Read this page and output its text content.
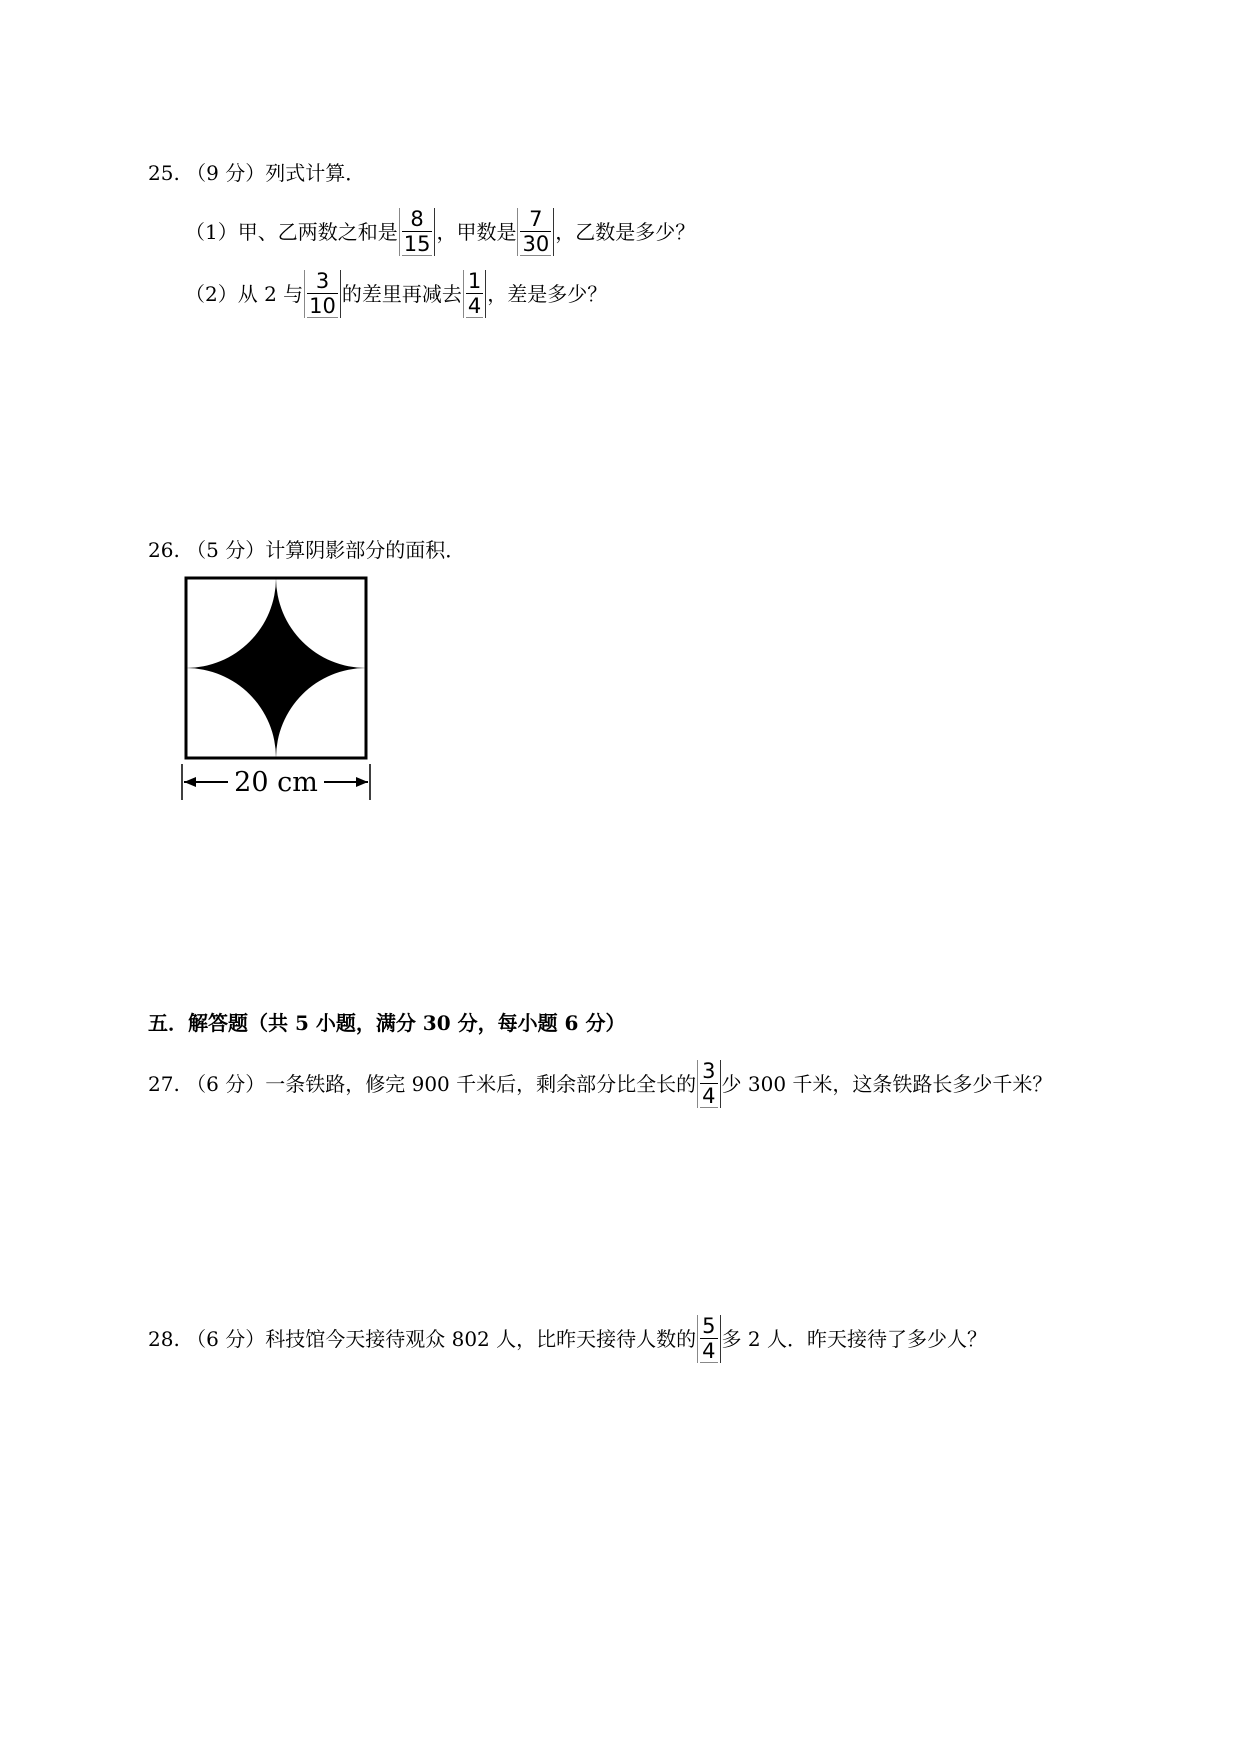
25. （9 分）列式计算．
（1）甲、乙两数之和是 $\frac{8}{15}$ ，甲数是 $\frac{7}{30}$ ，乙数是多少？
（2）从 2 与 $\frac{3}{10}$ 的差里再减去 $\frac{1}{4}$ ，差是多少？
26. （5 分）计算阴影部分的面积．
20 cm
五．解答题（共 5 小题，满分 30 分，每小题 6 分）
27. （6 分）一条铁路，修完 900 千米后，剩余部分比全长的 $\frac{3}{4}$ 少 300 千米，这条铁路长多少千米？
28. （6 分）科技馆今天接待观众 802 人，比昨天接待人数的 $\frac{5}{4}$ 多 2 人．昨天接待了多少人？
